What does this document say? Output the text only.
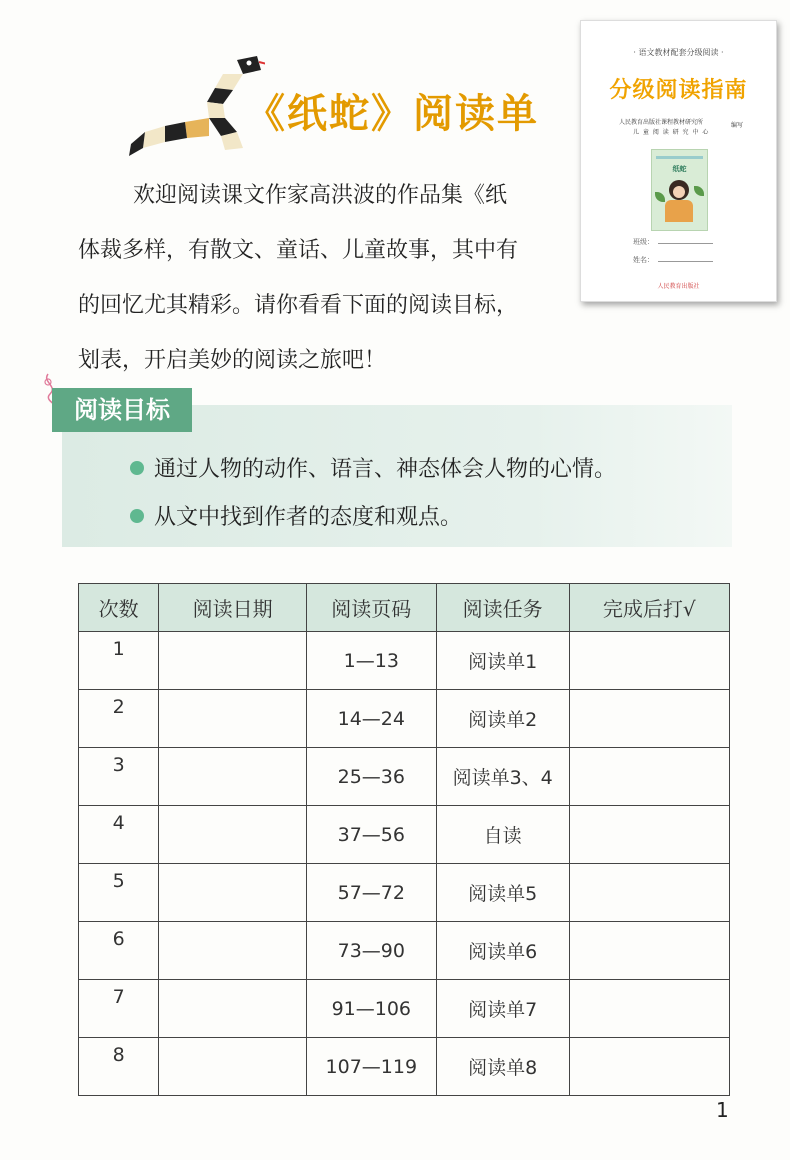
《纸蛇》阅读单

欢迎阅读课文作家高洪波的作品集《纸

体裁多样，有散文、童话、儿童故事，其中有

的回忆尤其精彩。请你看看下面的阅读目标，

划表，开启美妙的阅读之旅吧！

· 语文教材配套分级阅读 ·
分级阅读指南
人民教育出版社课程教材研究所
儿 童 阅 读 研 究 中 心
编写
纸蛇
班级：
姓名：
人民教育出版社
阅读目标
通过人物的动作、语言、神态体会人物的心情。
从文中找到作者的态度和观点。
次数	阅读日期	阅读页码	阅读任务	完成后打√
1		1—13	阅读单1	
2		14—24	阅读单2	
3		25—36	阅读单3、4	
4		37—56	自读	
5		57—72	阅读单5	
6		73—90	阅读单6	
7		91—106	阅读单7	
8		107—119	阅读单8	
1
